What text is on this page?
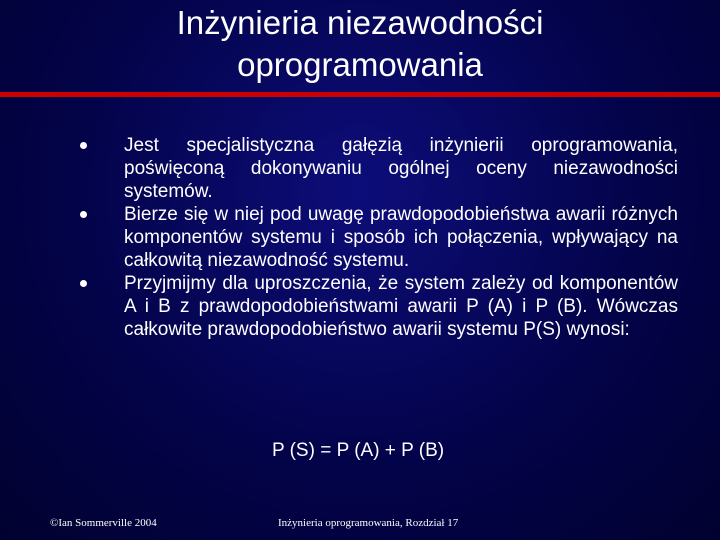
Inżynieria niezawodności
oprogramowania
Jest specjalistyczna gałęzią inżynierii oprogramowania, poświęconą dokonywaniu ogólnej oceny niezawodności systemów.
Bierze się w niej pod uwagę prawdopodobieństwa awarii różnych komponentów systemu i sposób ich połączenia, wpływający na całkowitą niezawodność systemu.
Przyjmijmy dla uproszczenia, że system zależy od komponentów A i B z prawdopodobieństwami awarii P (A) i P (B). Wówczas całkowite prawdopodobieństwo awarii systemu P(S) wynosi:
P (S) = P (A) + P (B)
©Ian Sommerville 2004	Inżynieria oprogramowania, Rozdział 17
